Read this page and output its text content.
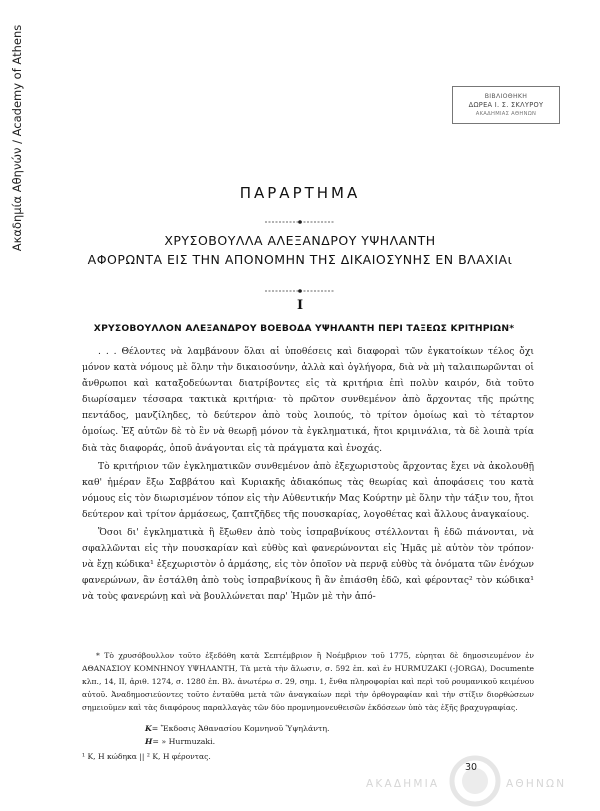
Ακαδημία Αθηνών / Academy of Athens	ΒΙΒΛΙΟΘΗΚΗ
ΔΩΡΕΑ Ι. Σ. ΣΚΛΥΡΟΥ
ΑΚΑΔΗΜΙΑΣ ΑΘΗΝΩΝ
ΠΑΡΑΡΤΗΜΑ
ΧΡΥΣΟΒΟΥΛΛΑ ΑΛΕΞΑΝΔΡΟΥ ΥΨΗΛΑΝΤΗ
ΑΦΟΡΩΝΤΑ ΕΙΣ ΤΗΝ ΑΠΟΝΟΜΗΝ ΤΗΣ ΔΙΚΑΙΟΣΥΝΗΣ ΕΝ ΒΛΑΧΙΑι
Ι
ΧΡΥΣΟΒΟΥΛΛΟΝ ΑΛΕΞΑΝΔΡΟΥ ΒΟΕΒΟΔΑ ΥΨΗΛΑΝΤΗ ΠΕΡΙ ΤΑΞΕΩΣ ΚΡΙΤΗΡΙΩΝ*

. . . Θέλοντες νὰ λαμβάνουν ὅλαι αἱ ὑποθέσεις καὶ διαφοραὶ τῶν ἐγκατοίκων τέλος ὄχι μόνον κατὰ νόμους μὲ ὅλην τὴν δικαιοσύνην, ἀλλὰ καὶ ὀγλήγορα, διὰ νὰ μὴ ταλαιπωρῶνται οἱ ἄνθρωποι καὶ καταξοδεύωνται διατρίβοντες εἰς τὰ κριτήρια ἐπὶ πολὺν καιρόν, διὰ τοῦτο διωρίσαμεν τέσσαρα τακτικὰ κριτήρια· τὸ πρῶτον συνθεμένον ἀπὸ ἄρχοντας τῆς πρώτης πεντάδος, μανζίληδες, τὸ δεύτερον ἀπὸ τοὺς λοιπούς, τὸ τρίτον ὁμοίως καὶ τὸ τέταρτον ὁμοίως. Ἐξ αὐτῶν δὲ τὸ ἓν νὰ θεωρῇ μόνον τὰ ἐγκληματικά, ἤτοι κριμινάλια, τὰ δὲ λοιπὰ τρία διὰ τὰς διαφοράς, ὁποῦ ἀνάγονται εἰς τὰ πράγματα καὶ ἐνοχάς.

Τὸ κριτήριον τῶν ἐγκληματικῶν συνθεμένον ἀπὸ ἐξεχωριστοὺς ἄρχοντας ἔχει νὰ ἀκολουθῇ καθ' ἡμέραν ἔξω Σαββάτου καὶ Κυριακῆς ἀδιακόπως τὰς θεωρίας καὶ ἀποφάσεις του κατὰ νόμους εἰς τὸν διωρισμένον τόπον εἰς τὴν Αὐθεντικήν Μας Κούρτην μὲ ὅλην τὴν τάξιν του, ἤτοι δεύτερον καὶ τρίτον ἀρμάσεως, ζαπτζῆδες τῆς πουσκαρίας, λογοθέτας καὶ ἄλλους ἀναγκαίους.

Ὅσοι δι' ἐγκληματικὰ ἢ ἔξωθεν ἀπὸ τοὺς ἰσπραβνίκους στέλλονται ἢ ἐδῶ πιάνονται, νὰ σφαλλῶνται εἰς τὴν πουσκαρίαν καὶ εὐθὺς καὶ φανερώνονται εἰς Ἡμᾶς μὲ αὐτὸν τὸν τρόπον· νὰ ἔχῃ κώδικα¹ ἐξεχωριστὸν ὁ ἀρμάσης, εἰς τὸν ὁποῖον νὰ περνᾷ εὐθὺς τὰ ὀνόματα τῶν ἐνόχων φανερώνων, ἂν ἐστάλθη ἀπὸ τοὺς ἰσπραβνίκους ἢ ἂν ἐπιάσθη ἐδῶ, καὶ φέροντας² τὸν κώδικα¹ νὰ τοὺς φανερώνῃ καὶ νὰ βουλλώνεται παρ' Ἡμῶν μὲ τὴν ἀπό-

* Τὸ χρυσόβουλλον τοῦτο ἐξεδόθη κατὰ Σεπτέμβριον ἢ Νοέμβριον τοῦ 1775, εὑρηται δὲ δημοσιευμένον ἐν ΑΘΑΝΑΣΙΟΥ ΚΟΜΝΗΝΟΥ ΥΨΗΛΑΝΤΗ, Τὰ μετὰ τὴν ἅλωσιν, σ. 592 ἑπ. καὶ ἐν HURMUZAKI (-JORGA), Documente κλπ., 14, II, ἀριθ. 1274, σ. 1280 ἑπ. Βλ. ἀνωτέρω σ. 29, σημ. 1, ἔνθα πληροφορίαι καὶ περὶ τοῦ ρουμανικοῦ κειμένου αὐτοῦ. Ἀναδημοσιεύοντες τοῦτο ἐνταῦθα μετὰ τῶν ἀναγκαίων περὶ τὴν ὀρθογραφίαν καὶ τὴν στίξιν διορθώσεων σημειοῦμεν καὶ τὰς διαφόρους παραλλαγὰς τῶν δύο προμνημονευθεισῶν ἐκδόσεων ὑπὸ τὰς ἑξῆς βραχυγραφίας.
K= Ἔκδοσις Ἀθανασίου Κομνηνοῦ Ὑψηλάντη.
H= » Hurmuzaki.
¹ Κ, Η κώδηκα || ² Κ, Η φέροντας.
30
ΑΚΑΔΗΜΙΑ	ΑΘΗΝΩΝ
